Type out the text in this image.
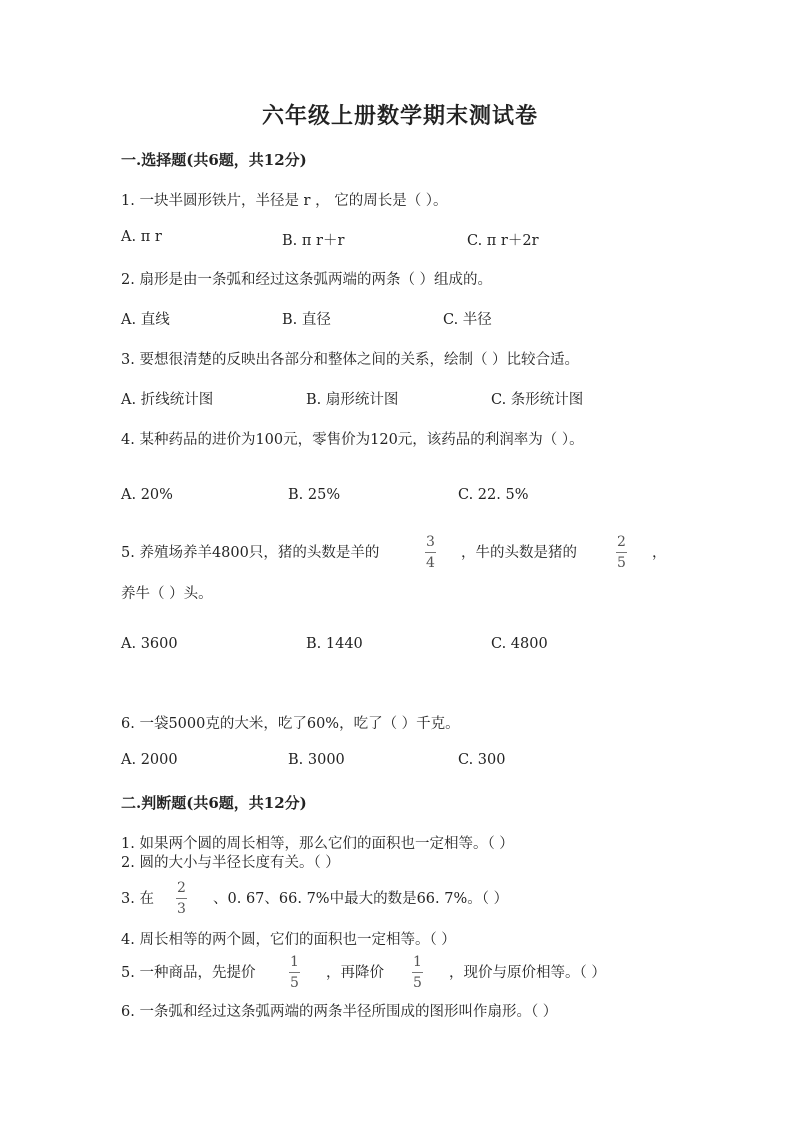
六年级上册数学期末测试卷
一.选择题(共6题，共12分)
1. 一块半圆形铁片，半径是 r ， 它的周长是（ ）。
A. π r	B. π r＋r	C. π r＋2r
2. 扇形是由一条弧和经过这条弧两端的两条（ ）组成的。
A. 直线	B. 直径	C. 半径
3. 要想很清楚的反映出各部分和整体之间的关系，绘制（ ）比较合适。
A. 折线统计图	B. 扇形统计图	C. 条形统计图
4. 某种药品的进价为100元，零售价为120元，该药品的利润率为（ ）。
A. 20%	B. 25%	C. 22. 5%
5. 养殖场养羊4800只，猪的头数是羊的
3
4
，牛的头数是猪的
2
5
，
养牛（ ）头。
A. 3600	B. 1440	C. 4800
6. 一袋5000克的大米，吃了60%，吃了（ ）千克。
A. 2000	B. 3000	C. 300
二.判断题(共6题，共12分)
1. 如果两个圆的周长相等，那么它们的面积也一定相等。（ ）
2. 圆的大小与半径长度有关。（ ）
3. 在
2
3
、0. 67、66. 7%中最大的数是66. 7%。（ ）
4. 周长相等的两个圆，它们的面积也一定相等。（ ）
5. 一种商品，先提价
1
5
，再降价
1
5
，现价与原价相等。（ ）
6. 一条弧和经过这条弧两端的两条半径所围成的图形叫作扇形。（ ）
